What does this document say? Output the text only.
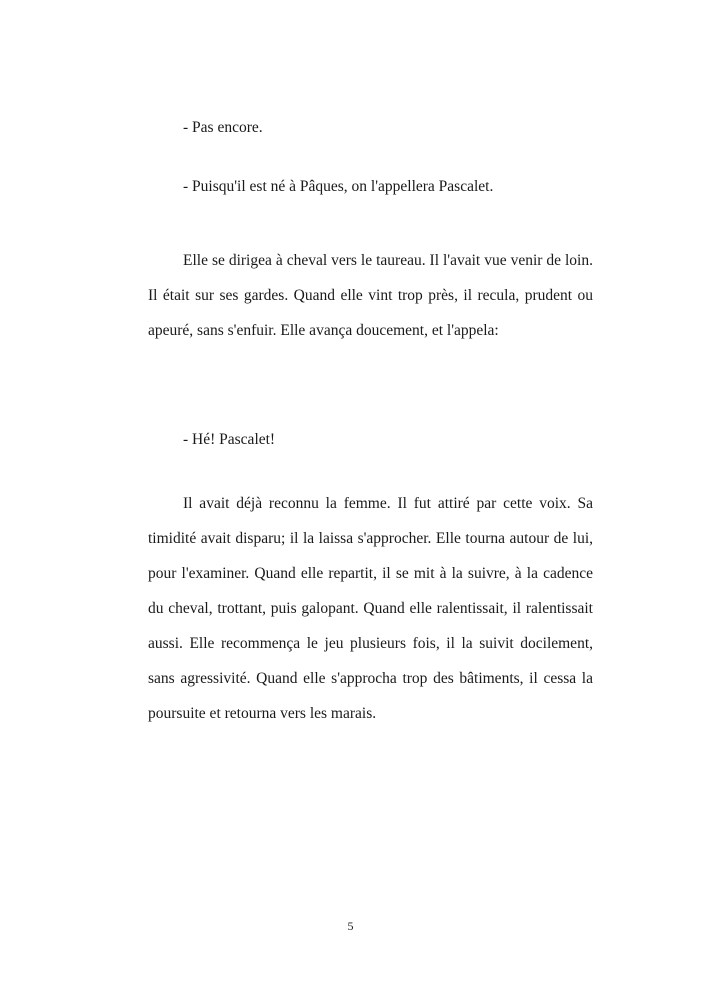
- Pas encore.

- Puisqu'il est né à Pâques, on l'appellera Pascalet.

Elle se dirigea à cheval vers le taureau. Il l'avait vue venir de loin. Il était sur ses gardes. Quand elle vint trop près, il recula, prudent ou apeuré, sans s'enfuir. Elle avança doucement, et l'appela:

- Hé! Pascalet!

Il avait déjà reconnu la femme. Il fut attiré par cette voix. Sa timidité avait disparu; il la laissa s'approcher. Elle tourna autour de lui, pour l'examiner. Quand elle repartit, il se mit à la suivre, à la cadence du cheval, trottant, puis galopant. Quand elle ralentissait, il ralentissait aussi. Elle recommença le jeu plusieurs fois, il la suivit docilement, sans agressivité. Quand elle s'approcha trop des bâtiments, il cessa la poursuite et retourna vers les marais.

5
